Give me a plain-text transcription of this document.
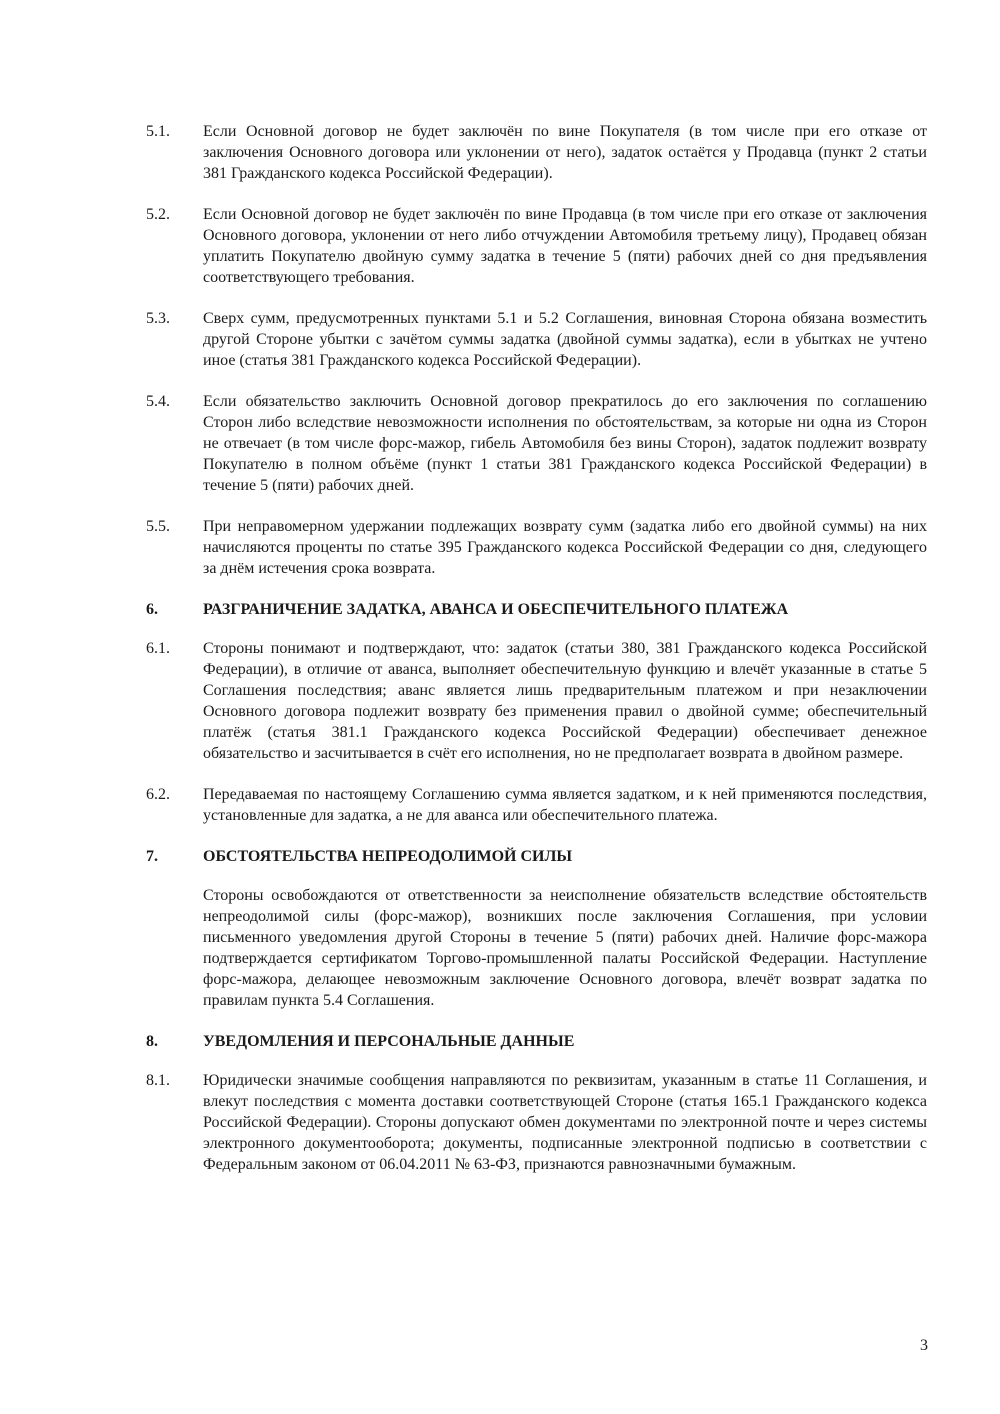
5.1.	Если Основной договор не будет заключён по вине Покупателя (в том числе при его отказе от заключения Основного договора или уклонении от него), задаток остаётся у Продавца (пункт 2 статьи 381 Гражданского кодекса Российской Федерации).
5.2.	Если Основной договор не будет заключён по вине Продавца (в том числе при его отказе от заключения Основного договора, уклонении от него либо отчуждении Автомобиля третьему лицу), Продавец обязан уплатить Покупателю двойную сумму задатка в течение 5 (пяти) рабочих дней со дня предъявления соответствующего требования.
5.3.	Сверх сумм, предусмотренных пунктами 5.1 и 5.2 Соглашения, виновная Сторона обязана возместить другой Стороне убытки с зачётом суммы задатка (двойной суммы задатка), если в убытках не учтено иное (статья 381 Гражданского кодекса Российской Федерации).
5.4.	Если обязательство заключить Основной договор прекратилось до его заключения по соглашению Сторон либо вследствие невозможности исполнения по обстоятельствам, за которые ни одна из Сторон не отвечает (в том числе форс-мажор, гибель Автомобиля без вины Сторон), задаток подлежит возврату Покупателю в полном объёме (пункт 1 статьи 381 Гражданского кодекса Российской Федерации) в течение 5 (пяти) рабочих дней.
5.5.	При неправомерном удержании подлежащих возврату сумм (задатка либо его двойной суммы) на них начисляются проценты по статье 395 Гражданского кодекса Российской Федерации со дня, следующего за днём истечения срока возврата.
6.	РАЗГРАНИЧЕНИЕ ЗАДАТКА, АВАНСА И ОБЕСПЕЧИТЕЛЬНОГО ПЛАТЕЖА
6.1.	Стороны понимают и подтверждают, что: задаток (статьи 380, 381 Гражданского кодекса Российской Федерации), в отличие от аванса, выполняет обеспечительную функцию и влечёт указанные в статье 5 Соглашения последствия; аванс является лишь предварительным платежом и при незаключении Основного договора подлежит возврату без применения правил о двойной сумме; обеспечительный платёж (статья 381.1 Гражданского кодекса Российской Федерации) обеспечивает денежное обязательство и засчитывается в счёт его исполнения, но не предполагает возврата в двойном размере.
6.2.	Передаваемая по настоящему Соглашению сумма является задатком, и к ней применяются последствия, установленные для задатка, а не для аванса или обеспечительного платежа.
7.	ОБСТОЯТЕЛЬСТВА НЕПРЕОДОЛИМОЙ СИЛЫ
Стороны освобождаются от ответственности за неисполнение обязательств вследствие обстоятельств непреодолимой силы (форс-мажор), возникших после заключения Соглашения, при условии письменного уведомления другой Стороны в течение 5 (пяти) рабочих дней. Наличие форс-мажора подтверждается сертификатом Торгово-промышленной палаты Российской Федерации. Наступление форс-мажора, делающее невозможным заключение Основного договора, влечёт возврат задатка по правилам пункта 5.4 Соглашения.
8.	УВЕДОМЛЕНИЯ И ПЕРСОНАЛЬНЫЕ ДАННЫЕ
8.1.	Юридически значимые сообщения направляются по реквизитам, указанным в статье 11 Соглашения, и влекут последствия с момента доставки соответствующей Стороне (статья 165.1 Гражданского кодекса Российской Федерации). Стороны допускают обмен документами по электронной почте и через системы электронного документооборота; документы, подписанные электронной подписью в соответствии с Федеральным законом от 06.04.2011 № 63-ФЗ, признаются равнозначными бумажным.
3
